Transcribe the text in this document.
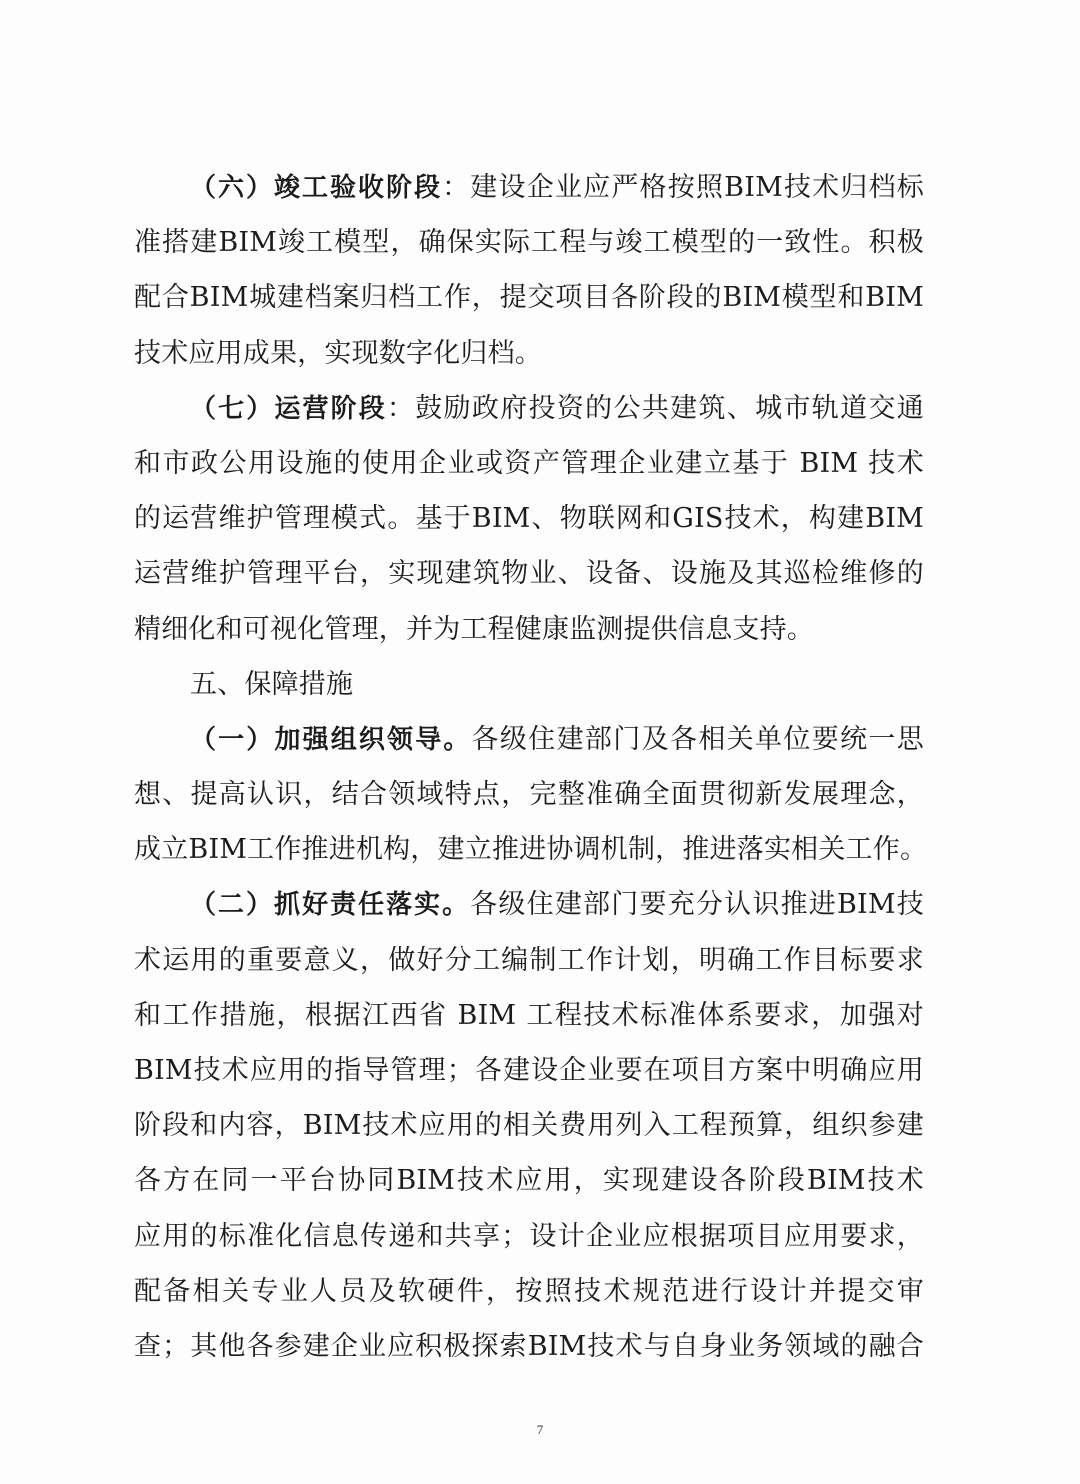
（六）竣工验收阶段：建设企业应严格按照BIM技术归档标
准搭建BIM竣工模型，确保实际工程与竣工模型的一致性。积极
配合BIM城建档案归档工作，提交项目各阶段的BIM模型和BIM
技术应用成果，实现数字化归档。
（七）运营阶段：鼓励政府投资的公共建筑、城市轨道交通
和市政公用设施的使用企业或资产管理企业建立基于 BIM 技术
的运营维护管理模式。基于BIM、物联网和GIS技术，构建BIM
运营维护管理平台，实现建筑物业、设备、设施及其巡检维修的
精细化和可视化管理，并为工程健康监测提供信息支持。
五、保障措施
（一）加强组织领导。各级住建部门及各相关单位要统一思
想、提高认识，结合领域特点，完整准确全面贯彻新发展理念，
成立BIM工作推进机构，建立推进协调机制，推进落实相关工作。
（二）抓好责任落实。各级住建部门要充分认识推进BIM技
术运用的重要意义，做好分工编制工作计划，明确工作目标要求
和工作措施，根据江西省 BIM 工程技术标准体系要求，加强对
BIM技术应用的指导管理；各建设企业要在项目方案中明确应用
阶段和内容，BIM技术应用的相关费用列入工程预算，组织参建
各方在同一平台协同BIM技术应用，实现建设各阶段BIM技术
应用的标准化信息传递和共享；设计企业应根据项目应用要求，
配备相关专业人员及软硬件，按照技术规范进行设计并提交审
查；其他各参建企业应积极探索BIM技术与自身业务领域的融合
7
